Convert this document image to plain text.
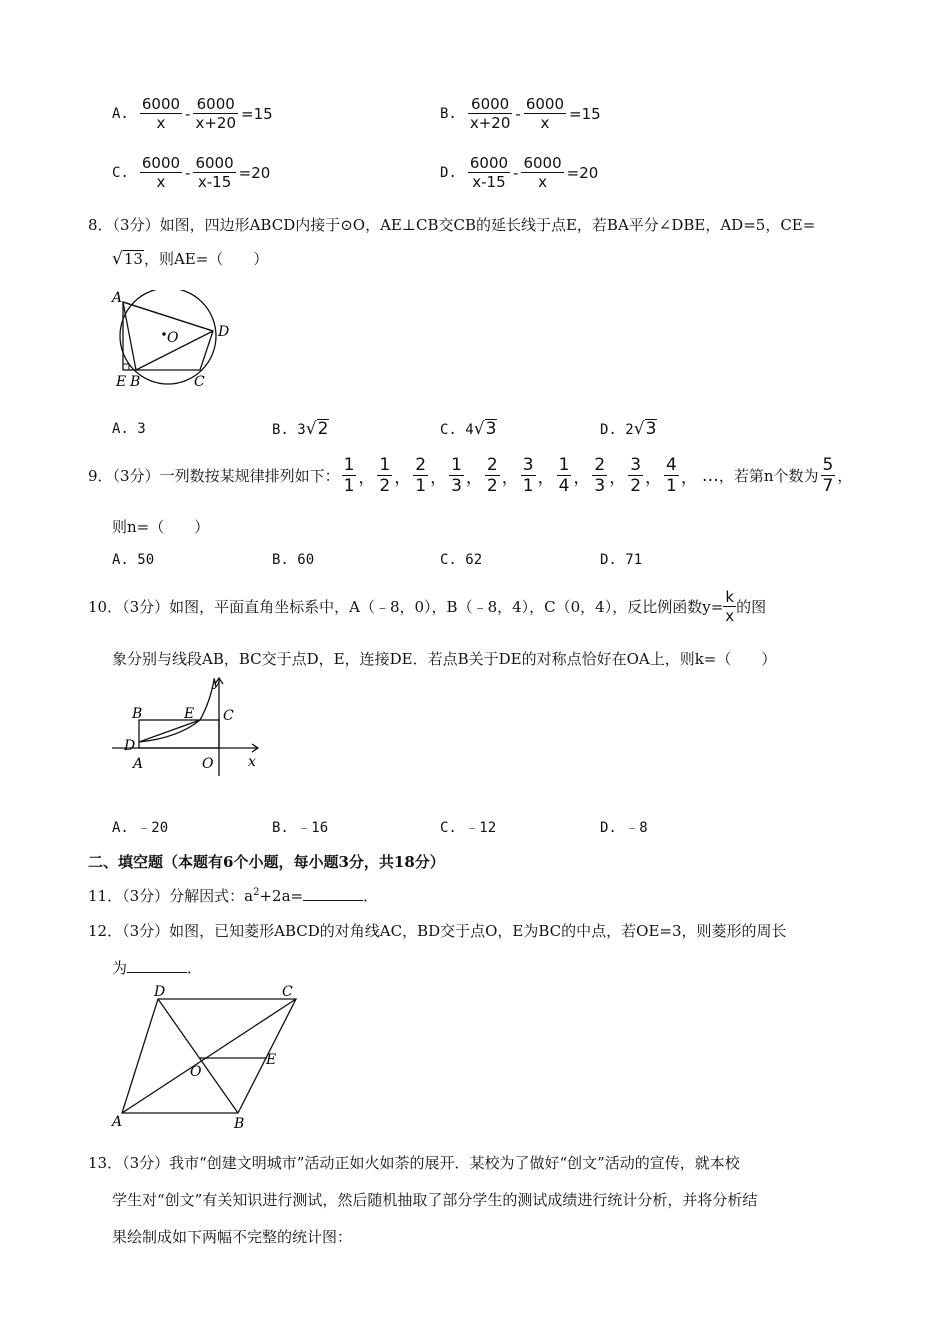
A. $\frac{6000}{x} - \frac{6000}{x+20} =15$	B. $\frac{6000}{x+20} - \frac{6000}{x} =15$
C. $\frac{6000}{x} - \frac{6000}{x-15} =20$	D. $\frac{6000}{x-15} - \frac{6000}{x} =20$
8．（3分）如图，四边形ABCD内接于⊙O，AE⊥CB交CB的延长线于点E，若BA平分∠DBE，AD=5，CE=
√13，则AE=（　　）
A
O	D
E B	C
A. 3	B. 3√2	C. 4√3	D. 2√3
9．（3分）一列数按某规律排列如下： $\frac{1}{1}$ ， $\frac{1}{2}$ ， $\frac{2}{1}$ ， $\frac{1}{3}$ ， $\frac{2}{2}$ ， $\frac{3}{1}$ ， $\frac{1}{4}$ ， $\frac{2}{3}$ ， $\frac{3}{2}$ ， $\frac{4}{1}$ ， … ，若第n个数为 $\frac{5}{7}$ ，
则n=（　　）
A. 50	B. 60	C. 62	D. 71
10．（3分）如图，平面直角坐标系中，A（﹣8，0），B（﹣8，4），C（0，4），反比例函数$y= \frac{k}{x}$ 的图
象分别与线段AB，BC交于点D，E，连接DE．若点B关于DE的对称点恰好在OA上，则k=（　　）
y
B	E C
D
A	O x
A. ﹣20	B. ﹣16	C. ﹣12	D. ﹣8
二、填空题（本题有6个小题，每小题3分，共18分）
11．（3分）分解因式：$a^2+2a=$	．
12．（3分）如图，已知菱形ABCD的对角线AC，BD交于点O，E为BC的中点，若OE=3，则菱形的周长
为	．
D	C
E
O
A	B
13．（3分）我市“创建文明城市”活动正如火如荼的展开．某校为了做好“创文”活动的宣传，就本校
学生对“创文”有关知识进行测试，然后随机抽取了部分学生的测试成绩进行统计分析，并将分析结
果绘制成如下两幅不完整的统计图：
